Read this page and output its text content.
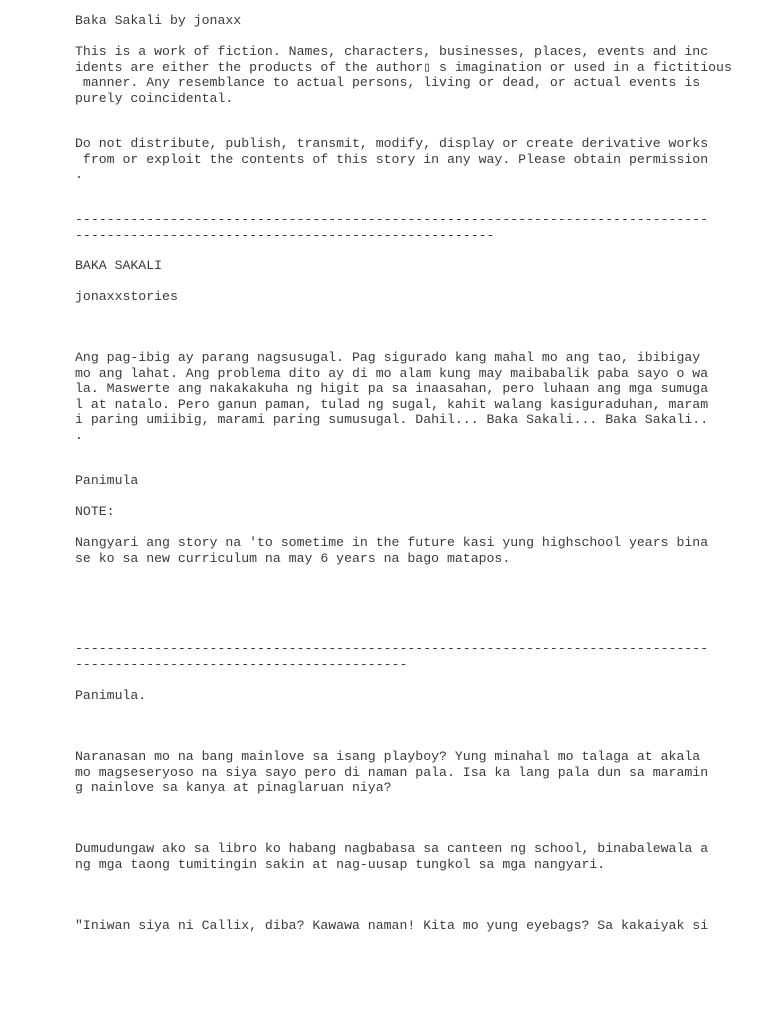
Baka Sakali by jonaxx

This is a work of fiction. Names, characters, businesses, places, events and inc

idents are either the products of the author▯ s imagination or used in a fictitious

manner. Any resemblance to actual persons, living or dead, or actual events is

purely coincidental.

Do not distribute, publish, transmit, modify, display or create derivative works

from or exploit the contents of this story in any way. Please obtain permission

.

--------------------------------------------------------------------------------

-----------------------------------------------------

BAKA SAKALI

jonaxxstories

Ang pag-ibig ay parang nagsusugal. Pag sigurado kang mahal mo ang tao, ibibigay

mo ang lahat. Ang problema dito ay di mo alam kung may maibabalik paba sayo o wa

la. Maswerte ang nakakakuha ng higit pa sa inaasahan, pero luhaan ang mga sumuga

l at natalo. Pero ganun paman, tulad ng sugal, kahit walang kasiguraduhan, maram

i paring umiibig, marami paring sumusugal. Dahil... Baka Sakali... Baka Sakali..

.

Panimula

NOTE:

Nangyari ang story na 'to sometime in the future kasi yung highschool years bina

se ko sa new curriculum na may 6 years na bago matapos.

--------------------------------------------------------------------------------

------------------------------------------

Panimula.

Naranasan mo na bang mainlove sa isang playboy? Yung minahal mo talaga at akala

mo magseseryoso na siya sayo pero di naman pala. Isa ka lang pala dun sa maramin

g nainlove sa kanya at pinaglaruan niya?

Dumudungaw ako sa libro ko habang nagbabasa sa canteen ng school, binabalewala a

ng mga taong tumitingin sakin at nag-uusap tungkol sa mga nangyari.

"Iniwan siya ni Callix, diba? Kawawa naman! Kita mo yung eyebags? Sa kakaiyak si
